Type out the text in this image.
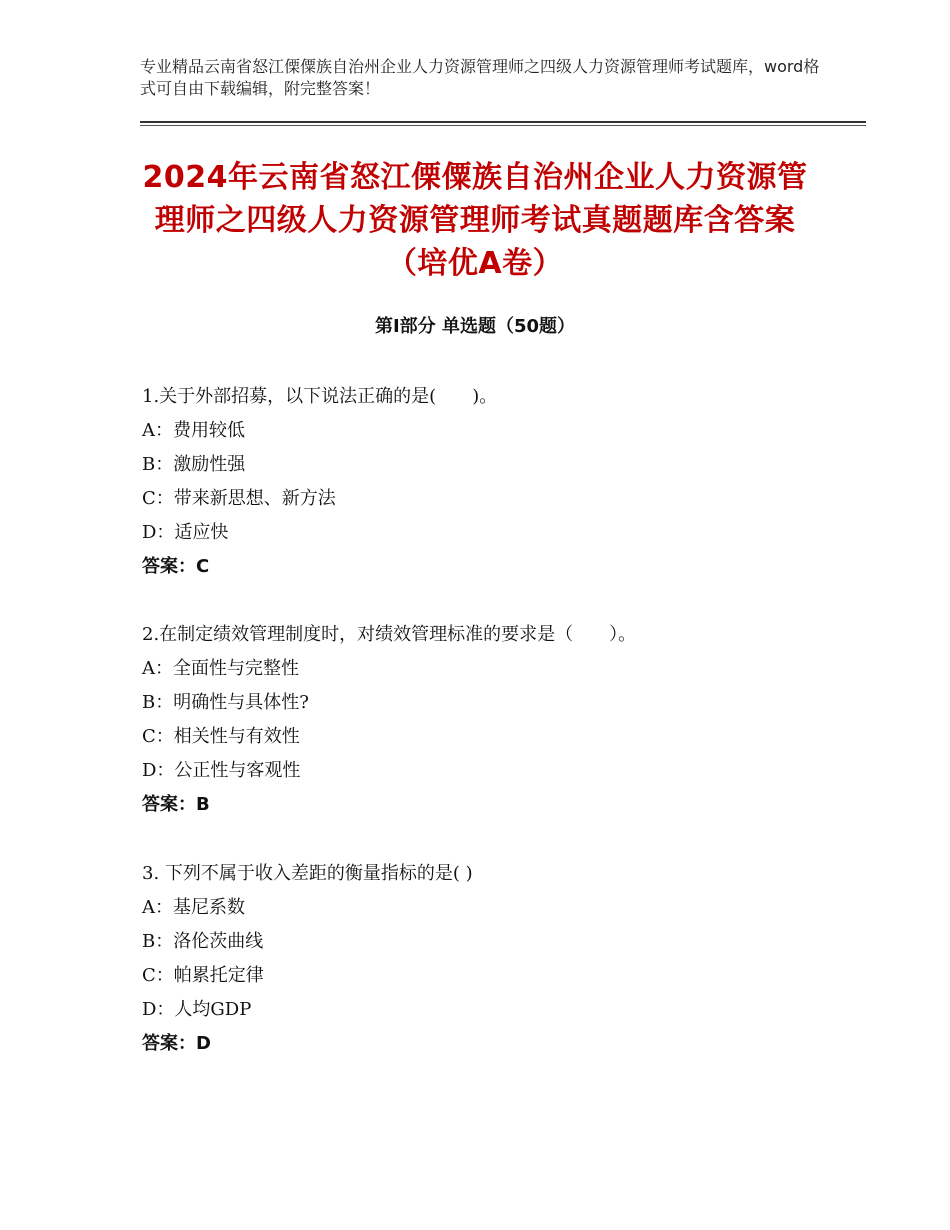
专业精品云南省怒江傈僳族自治州企业人力资源管理师之四级人力资源管理师考试题库，word格式可自由下载编辑，附完整答案！
2024年云南省怒江傈僳族自治州企业人力资源管理师之四级人力资源管理师考试真题题库含答案（培优A卷）
第Ⅰ部分 单选题（50题）
1.关于外部招募，以下说法正确的是(　　)。
A：费用较低
B：激励性强
C：带来新思想、新方法
D：适应快
答案：C
2.在制定绩效管理制度时，对绩效管理标准的要求是（　　）。
A：全面性与完整性
B：明确性与具体性?
C：相关性与有效性
D：公正性与客观性
答案：B
3. 下列不属于收入差距的衡量指标的是( )
A：基尼系数
B：洛伦茨曲线
C：帕累托定律
D：人均GDP
答案：D
